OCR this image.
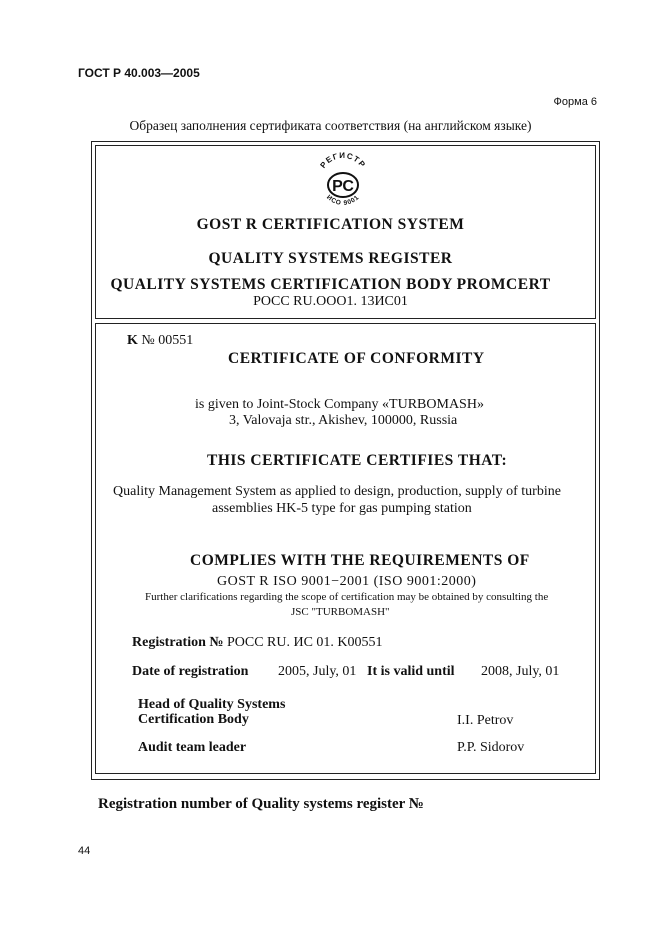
ГОСТ Р 40.003—2005
Форма 6
Образец заполнения сертификата соответствия (на английском языке)
РЕГИСТР
ИСО 9001
РС
GOST R CERTIFICATION SYSTEM
QUALITY SYSTEMS REGISTER
QUALITY SYSTEMS CERTIFICATION BODY PROMCERT
POCC RU.OOO1. 13ИС01
K № 00551
CERTIFICATE OF CONFORMITY
is given to Joint-Stock Company «TURBOMASH»
3, Valovaja str., Akishev, 100000, Russia
THIS CERTIFICATE CERTIFIES THAT:
Quality Management System as applied to design, production, supply of turbine
assemblies HK-5 type for gas pumping station
COMPLIES WITH THE REQUIREMENTS OF
GOST R ISO 9001−2001 (ISO 9001:2000)
Further clarifications regarding the scope of certification may be obtained by consulting the
JSC "TURBOMASH"
Registration № POCC RU. ИС 01. K00551
Date of registration 2005, July, 01 It is valid until 2008, July, 01
Head of Quality Systems
Certification Body	I.I. Petrov
Audit team leader	P.P. Sidorov
Registration number of Quality systems register №
44
